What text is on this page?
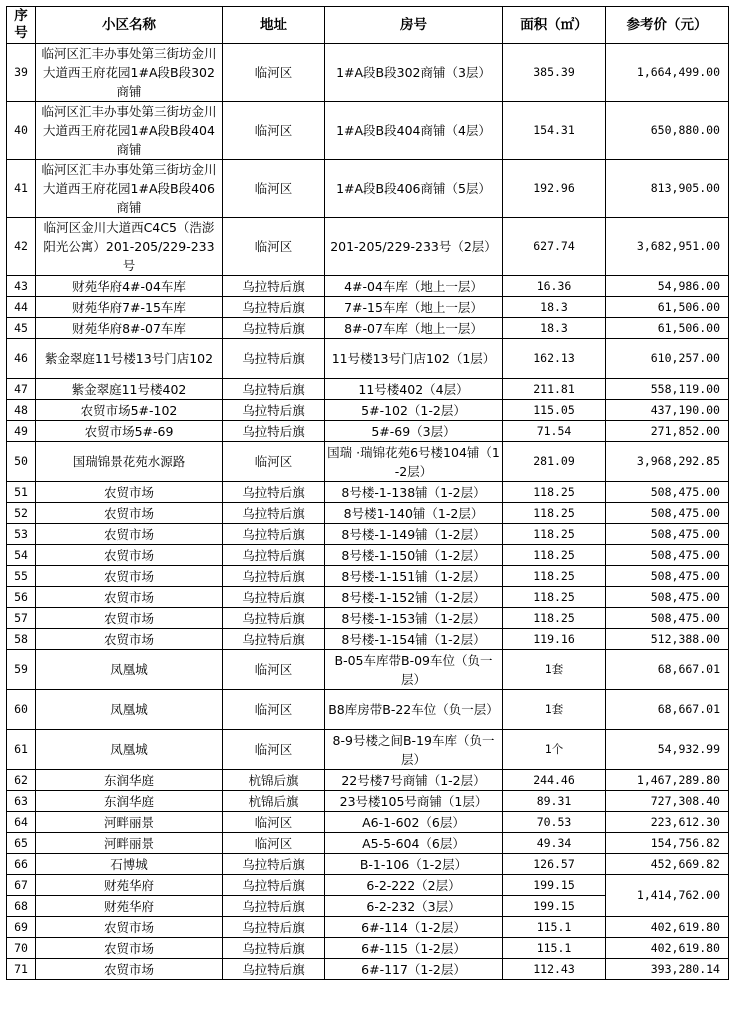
序号	小区名称	地址	房号	面积（㎡）	参考价（元）
39	临河区汇丰办事处第三街坊金川大道西王府花园1#A段B段302商铺	临河区	1#A段B段302商铺（3层）	385.39	1,664,499.00
40	临河区汇丰办事处第三街坊金川大道西王府花园1#A段B段404商铺	临河区	1#A段B段404商铺（4层）	154.31	650,880.00
41	临河区汇丰办事处第三街坊金川大道西王府花园1#A段B段406商铺	临河区	1#A段B段406商铺（5层）	192.96	813,905.00
42	临河区金川大道西C4C5（浩澎阳光公寓）201-205/229-233号	临河区	201-205/229-233号（2层）	627.74	3,682,951.00
43	财苑华府4#-04车库	乌拉特后旗	4#-04车库（地上一层）	16.36	54,986.00
44	财苑华府7#-15车库	乌拉特后旗	7#-15车库（地上一层）	18.3	61,506.00
45	财苑华府8#-07车库	乌拉特后旗	8#-07车库（地上一层）	18.3	61,506.00
46	紫金翠庭11号楼13号门店102	乌拉特后旗	11号楼13号门店102（1层）	162.13	610,257.00
47	紫金翠庭11号楼402	乌拉特后旗	11号楼402（4层）	211.81	558,119.00
48	农贸市场5#-102	乌拉特后旗	5#-102（1-2层）	115.05	437,190.00
49	农贸市场5#-69	乌拉特后旗	5#-69（3层）	71.54	271,852.00
50	国瑞锦景花苑水源路	临河区	国瑞 ·瑞锦花苑6号楼104铺（1-2层）	281.09	3,968,292.85
51	农贸市场	乌拉特后旗	8号楼-1-138铺（1-2层）	118.25	508,475.00
52	农贸市场	乌拉特后旗	8号楼1-140铺（1-2层）	118.25	508,475.00
53	农贸市场	乌拉特后旗	8号楼-1-149铺（1-2层）	118.25	508,475.00
54	农贸市场	乌拉特后旗	8号楼-1-150铺（1-2层）	118.25	508,475.00
55	农贸市场	乌拉特后旗	8号楼-1-151铺（1-2层）	118.25	508,475.00
56	农贸市场	乌拉特后旗	8号楼-1-152铺（1-2层）	118.25	508,475.00
57	农贸市场	乌拉特后旗	8号楼-1-153铺（1-2层）	118.25	508,475.00
58	农贸市场	乌拉特后旗	8号楼-1-154铺（1-2层）	119.16	512,388.00
59	凤凰城	临河区	B-05车库带B-09车位（负一层）	1套	68,667.01
60	凤凰城	临河区	B8库房带B-22车位（负一层）	1套	68,667.01
61	凤凰城	临河区	8-9号楼之间B-19车库（负一层）	1个	54,932.99
62	东润华庭	杭锦后旗	22号楼7号商铺（1-2层）	244.46	1,467,289.80
63	东润华庭	杭锦后旗	23号楼105号商铺（1层）	89.31	727,308.40
64	河畔丽景	临河区	A6-1-602（6层）	70.53	223,612.30
65	河畔丽景	临河区	A5-5-604（6层）	49.34	154,756.82
66	石博城	乌拉特后旗	B-1-106（1-2层）	126.57	452,669.82
67	财苑华府	乌拉特后旗	6-2-222（2层）	199.15	1,414,762.00
68	财苑华府	乌拉特后旗	6-2-232（3层）	199.15	
69	农贸市场	乌拉特后旗	6#-114（1-2层）	115.1	402,619.80
70	农贸市场	乌拉特后旗	6#-115（1-2层）	115.1	402,619.80
71	农贸市场	乌拉特后旗	6#-117（1-2层）	112.43	393,280.14
